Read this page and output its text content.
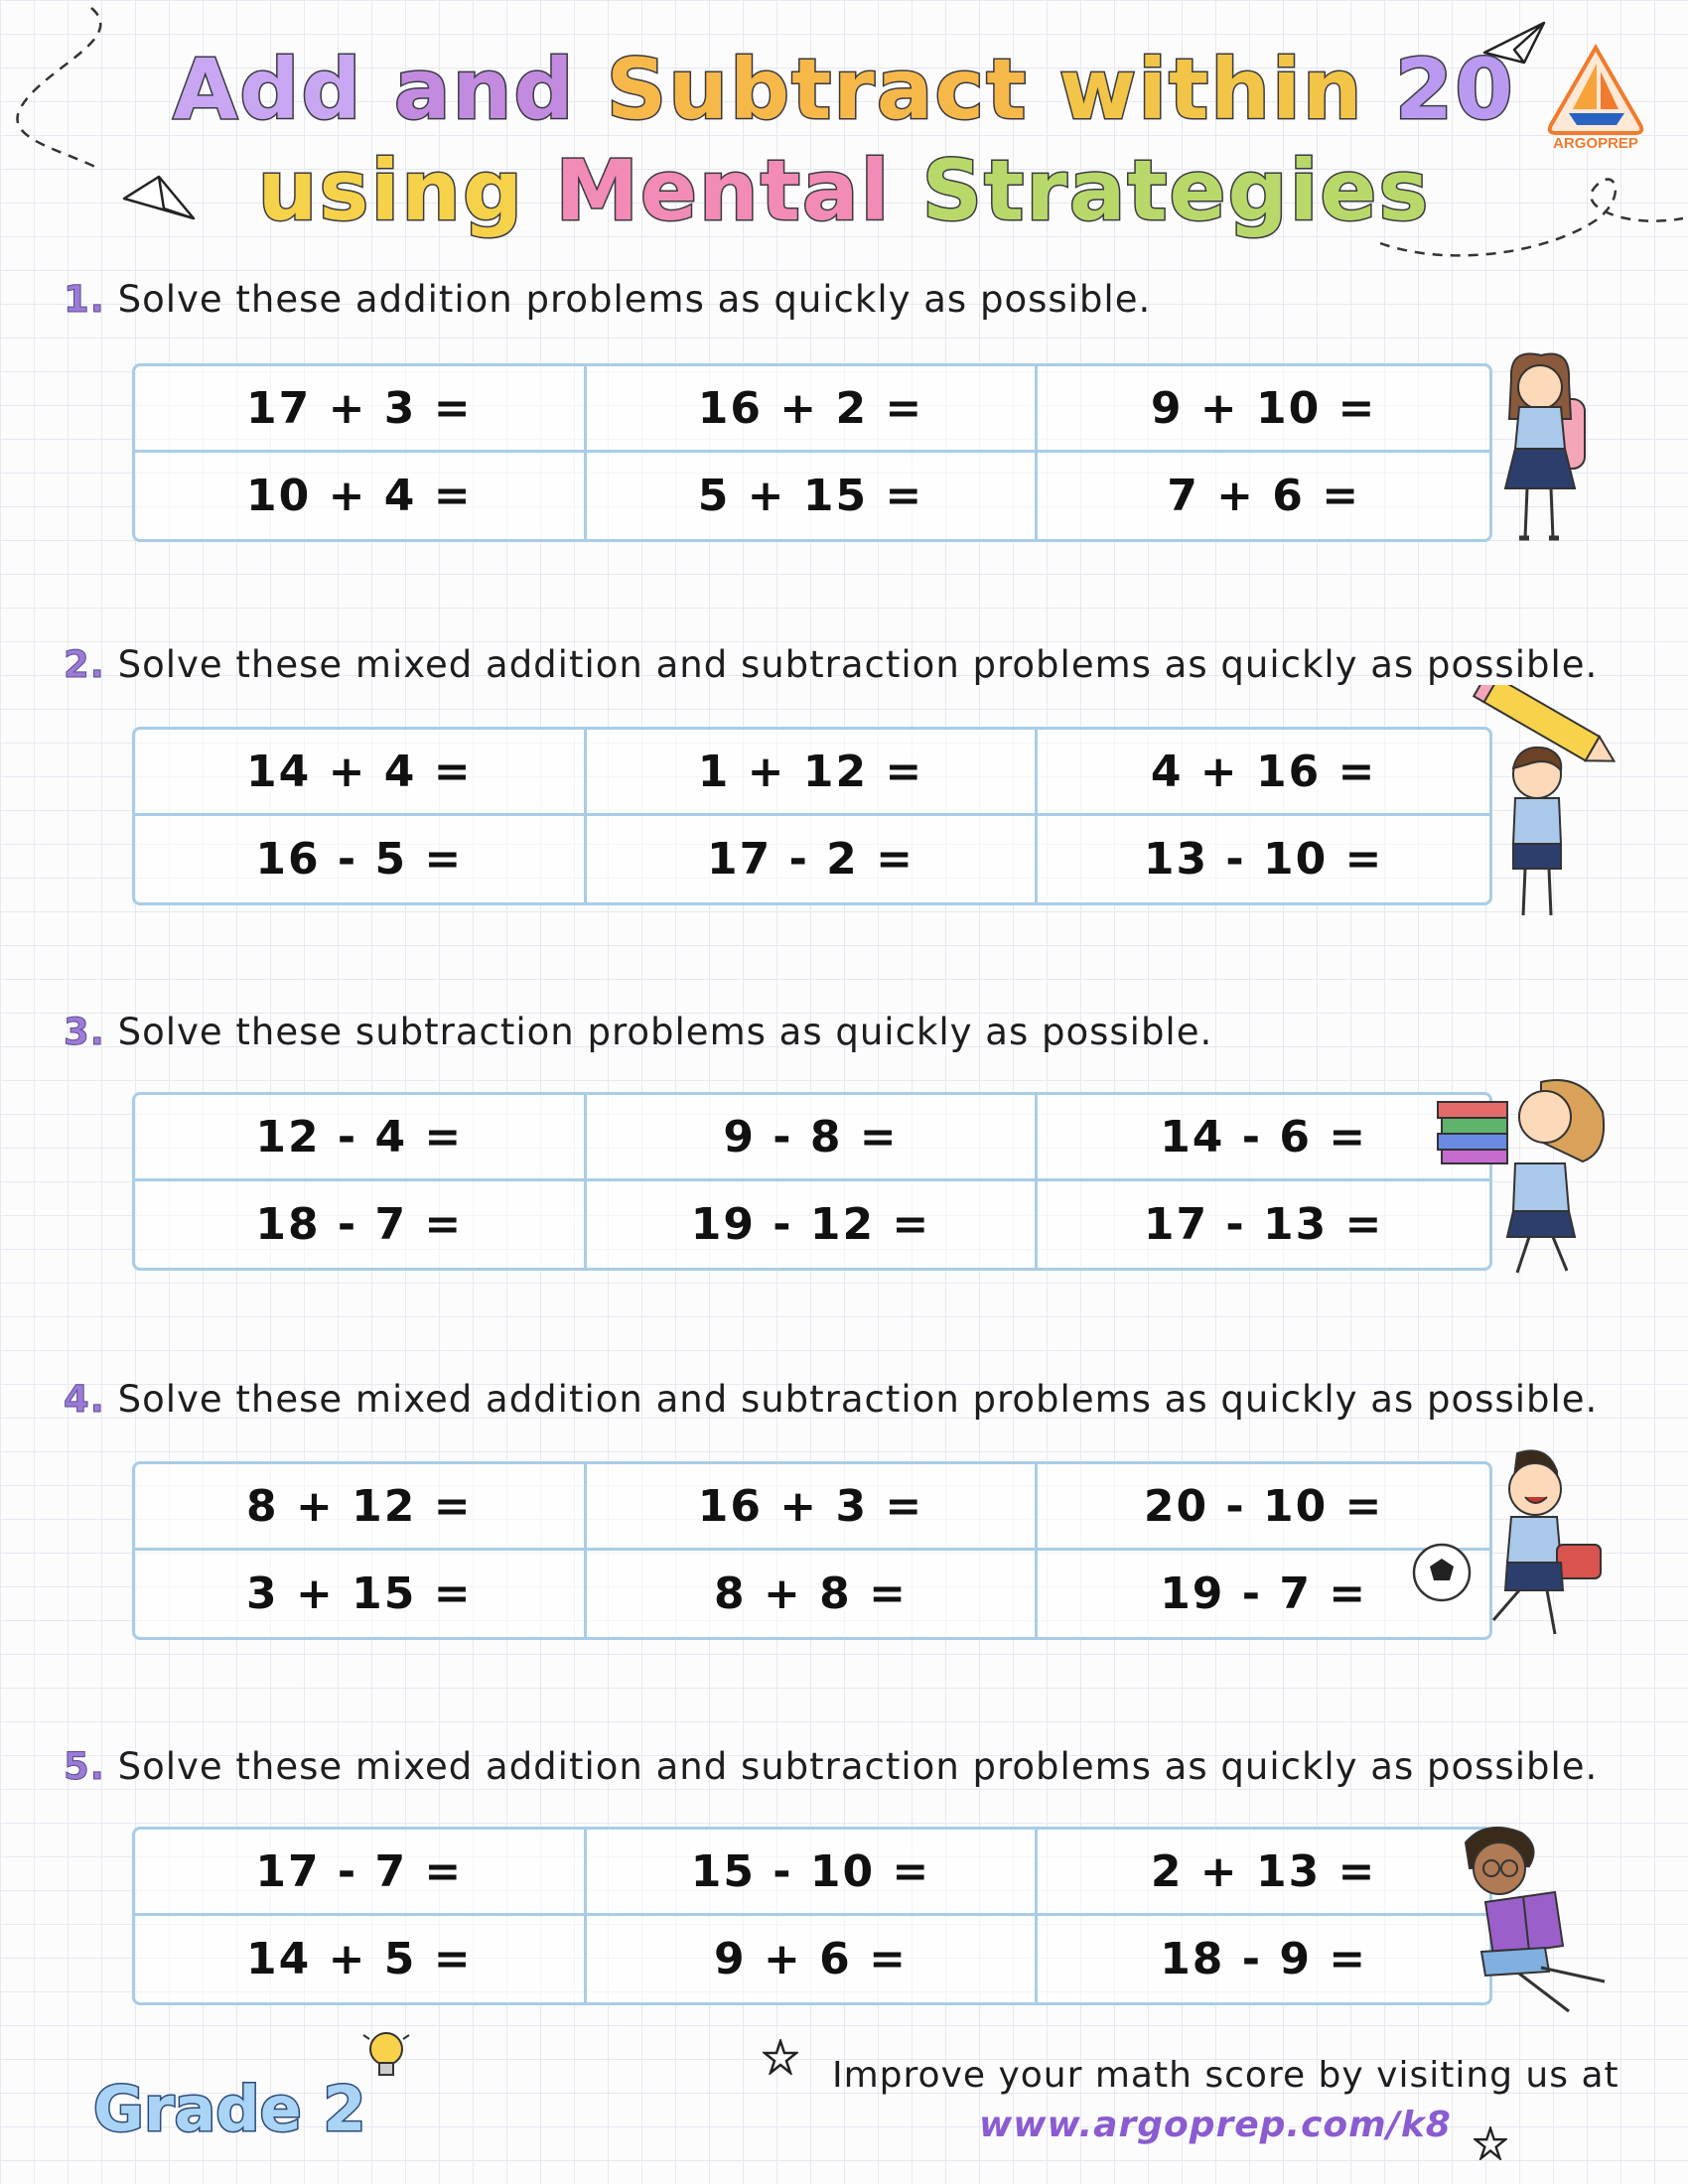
Add and Subtract within 20
using Mental Strategies	ARGOPREP
1. Solve these addition problems as quickly as possible.
17 + 3 =	16 + 2 =	9 + 10 =
10 + 4 =	5 + 15 =	7 + 6 =
2. Solve these mixed addition and subtraction problems as quickly as possible.
14 + 4 =	1 + 12 =	4 + 16 =
16 - 5 =	17 - 2 =	13 - 10 =
3. Solve these subtraction problems as quickly as possible.
12 - 4 =	9 - 8 =	14 - 6 =
18 - 7 =	19 - 12 =	17 - 13 =
4. Solve these mixed addition and subtraction problems as quickly as possible.
8 + 12 =	16 + 3 =	20 - 10 =
3 + 15 =	8 + 8 =	19 - 7 =
5. Solve these mixed addition and subtraction problems as quickly as possible.
17 - 7 =	15 - 10 =	2 + 13 =
14 + 5 =	9 + 6 =	18 - 9 =
Grade 2	Improve your math score by visiting us at
www.argoprep.com/k8
